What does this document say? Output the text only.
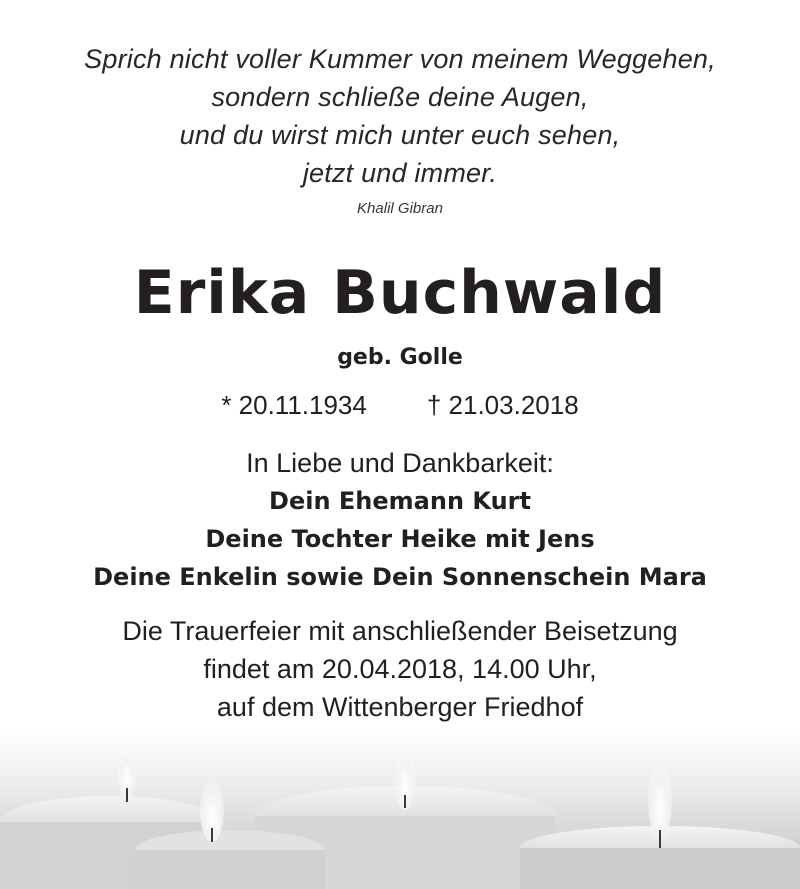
Sprich nicht voller Kummer von meinem Weggehen,
sondern schließe deine Augen,
und du wirst mich unter euch sehen,
jetzt und immer.
Khalil Gibran
Erika Buchwald
geb. Golle
* 20.11.1934 † 21.03.2018
In Liebe und Dankbarkeit:
Dein Ehemann Kurt
Deine Tochter Heike mit Jens
Deine Enkelin sowie Dein Sonnenschein Mara
Die Trauerfeier mit anschließender Beisetzung
findet am 20.04.2018, 14.00 Uhr,
auf dem Wittenberger Friedhof
